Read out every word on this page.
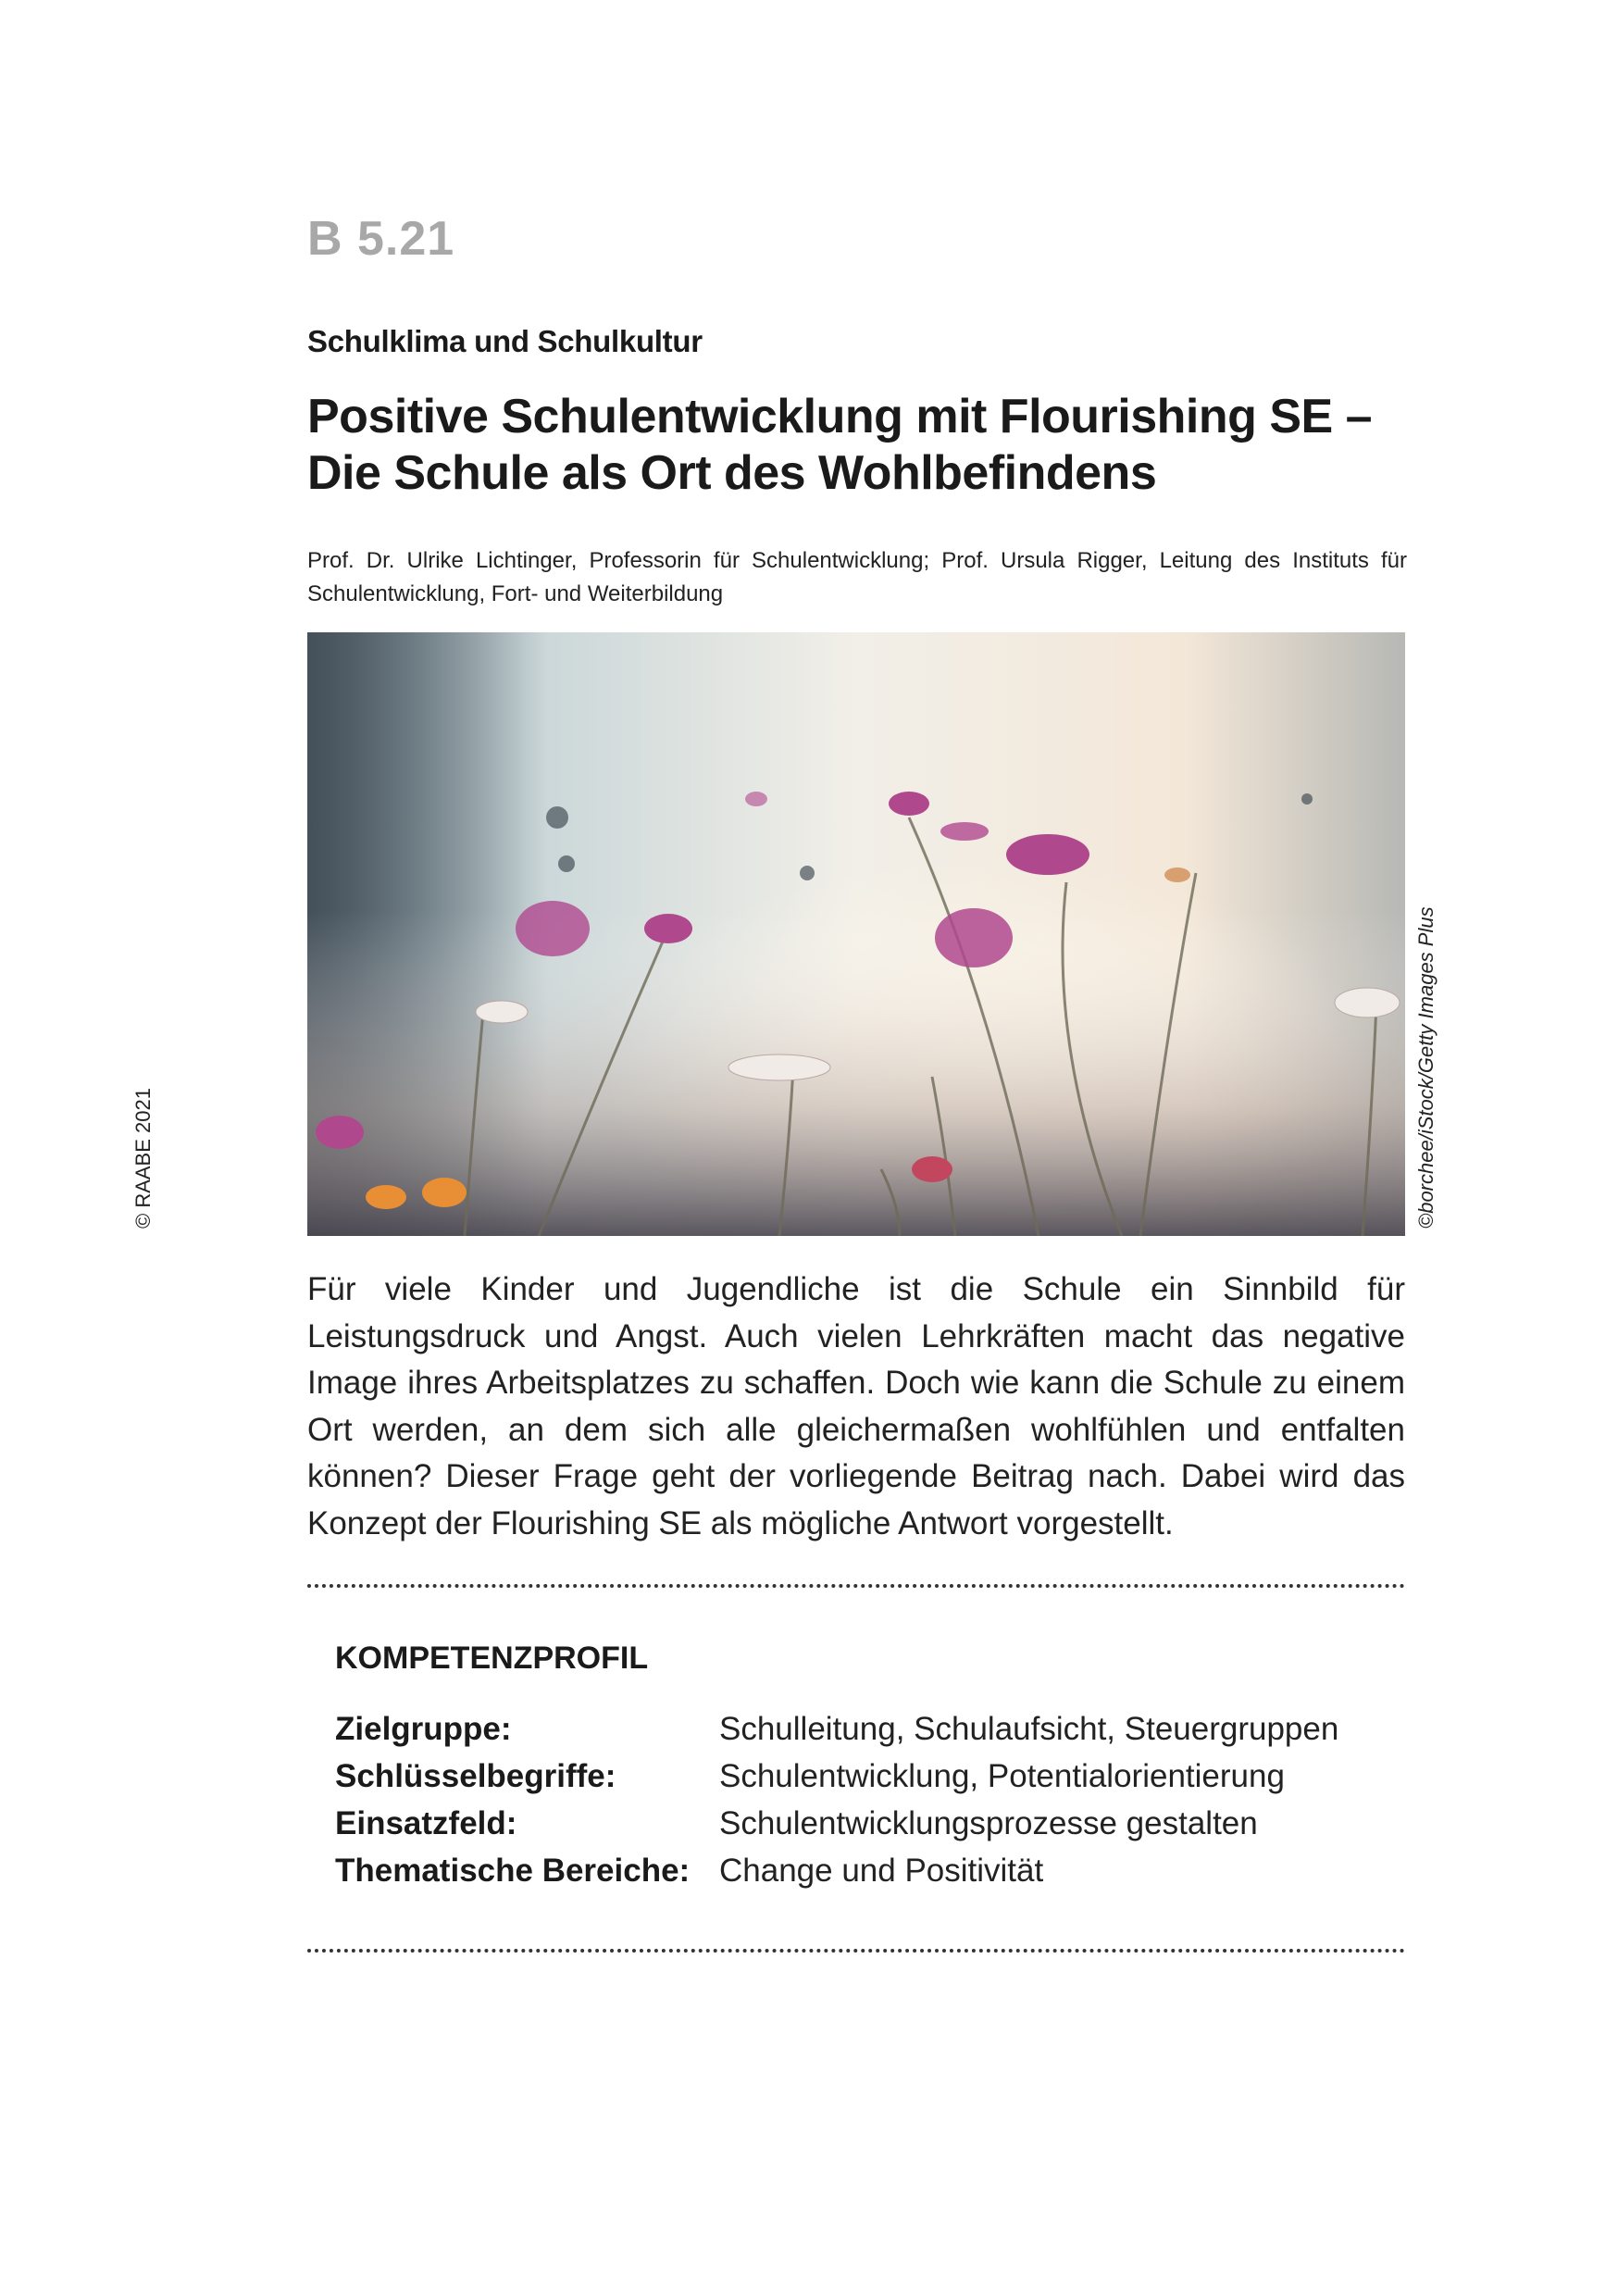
B 5.21
Schulklima und Schulkultur
Positive Schulentwicklung mit Flourishing SE –
Die Schule als Ort des Wohlbefindens
Prof. Dr. Ulrike Lichtinger, Professorin für Schulentwicklung; Prof. Ursula Rigger, Leitung des Instituts für Schulentwicklung, Fort- und Weiterbildung
©borchee/iStock/Getty Images Plus
© RAABE 2021
Für viele Kinder und Jugendliche ist die Schule ein Sinnbild für Leistungsdruck und Angst. Auch vielen Lehrkräften macht das negative Image ihres Arbeitsplatzes zu schaffen. Doch wie kann die Schule zu einem Ort werden, an dem sich alle gleichermaßen wohlfühlen und entfalten können? Dieser Frage geht der vorliegende Beitrag nach. Dabei wird das Konzept der Flourishing SE als mögliche Antwort vorgestellt.
KOMPETENZPROFIL
Zielgruppe:	Schulleitung, Schulaufsicht, Steuergruppen
Schlüsselbegriffe:	Schulentwicklung, Potentialorientierung
Einsatzfeld:	Schulentwicklungsprozesse gestalten
Thematische Bereiche: Change und Positivität
